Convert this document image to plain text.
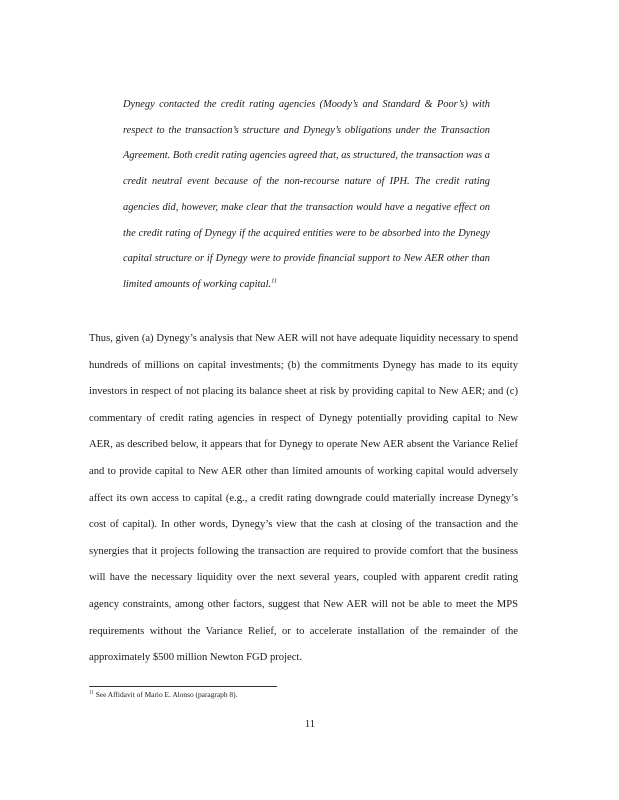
Dynegy contacted the credit rating agencies (Moody’s and Standard & Poor’s) with respect to the transaction’s structure and Dynegy’s obligations under the Transaction Agreement. Both credit rating agencies agreed that, as structured, the transaction was a credit neutral event because of the non-recourse nature of IPH. The credit rating agencies did, however, make clear that the transaction would have a negative effect on the credit rating of Dynegy if the acquired entities were to be absorbed into the Dynegy capital structure or if Dynegy were to provide financial support to New AER other than limited amounts of working capital.$^{11}$

Thus, given (a) Dynegy’s analysis that New AER will not have adequate liquidity necessary to spend hundreds of millions on capital investments; (b) the commitments Dynegy has made to its equity investors in respect of not placing its balance sheet at risk by providing capital to New AER; and (c) commentary of credit rating agencies in respect of Dynegy potentially providing capital to New AER, as described below, it appears that for Dynegy to operate New AER absent the Variance Relief and to provide capital to New AER other than limited amounts of working capital would adversely affect its own access to capital (e.g., a credit rating downgrade could materially increase Dynegy’s cost of capital). In other words, Dynegy’s view that the cash at closing of the transaction and the synergies that it projects following the transaction are required to provide comfort that the business will have the necessary liquidity over the next several years, coupled with apparent credit rating agency constraints, among other factors, suggest that New AER will not be able to meet the MPS requirements without the Variance Relief, or to accelerate installation of the remainder of the approximately $500 million Newton FGD project.

$^{11}$ See Affidavit of Mario E. Alonso (paragraph 8).

11
